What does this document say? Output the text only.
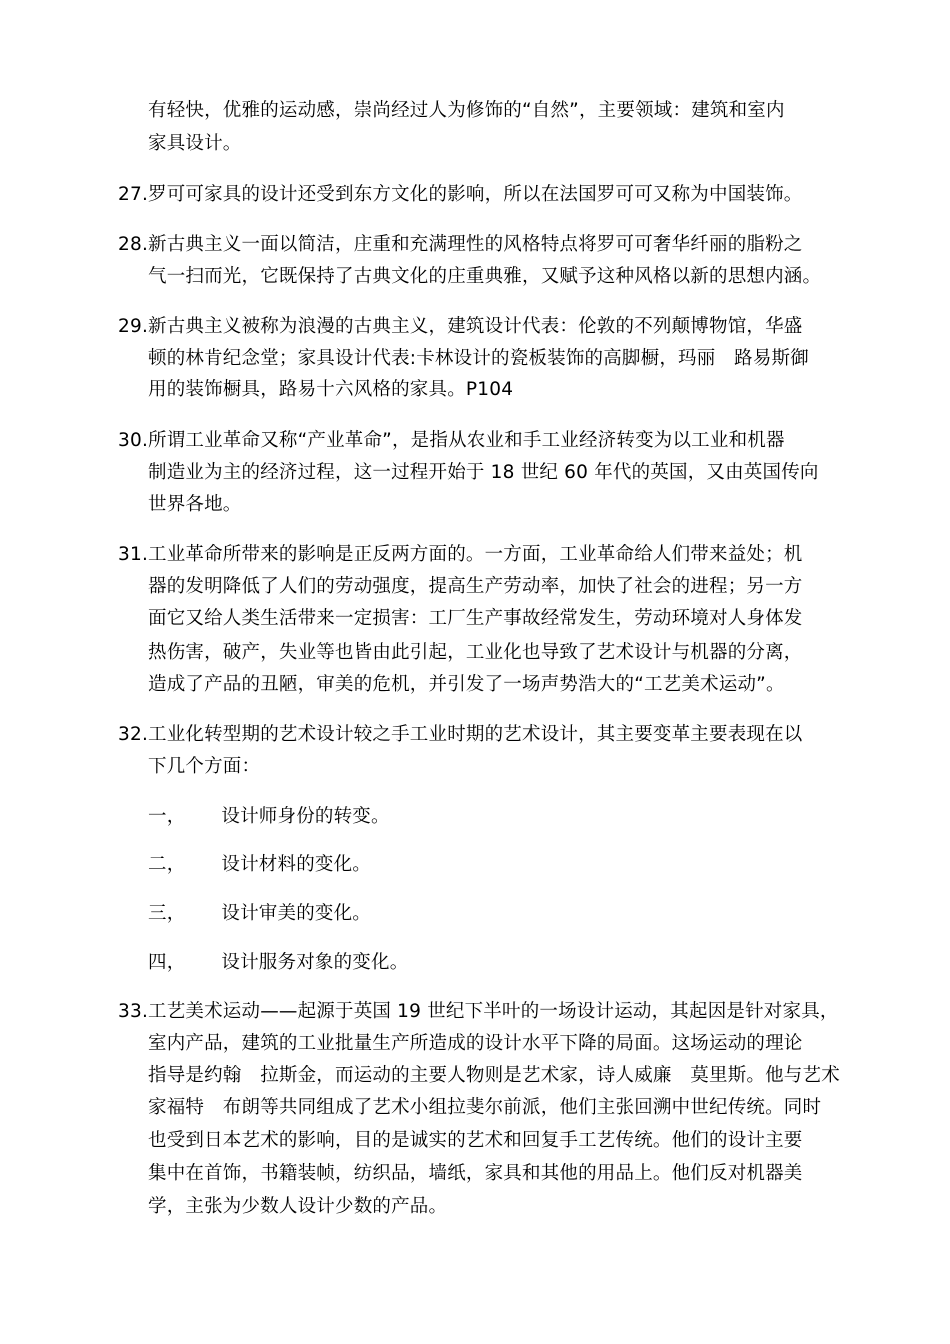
有轻快，优雅的运动感，崇尚经过人为修饰的“自然”，主要领域：建筑和室内
家具设计。
27. 罗可可家具的设计还受到东方文化的影响，所以在法国罗可可又称为中国装饰。
28. 新古典主义一面以简洁，庄重和充满理性的风格特点将罗可可奢华纤丽的脂粉之
气一扫而光，它既保持了古典文化的庄重典雅，又赋予这种风格以新的思想内涵。
29. 新古典主义被称为浪漫的古典主义，建筑设计代表：伦敦的不列颠博物馆，华盛
顿的林肯纪念堂；家具设计代表:卡林设计的瓷板装饰的高脚橱，玛丽　路易斯御
用的装饰橱具，路易十六风格的家具。P104
30. 所谓工业革命又称“产业革命”，是指从农业和手工业经济转变为以工业和机器
制造业为主的经济过程，这一过程开始于 18 世纪 60 年代的英国，又由英国传向
世界各地。
31. 工业革命所带来的影响是正反两方面的。一方面，工业革命给人们带来益处；机
器的发明降低了人们的劳动强度，提高生产劳动率，加快了社会的进程；另一方
面它又给人类生活带来一定损害：工厂生产事故经常发生，劳动环境对人身体发
热伤害，破产，失业等也皆由此引起，工业化也导致了艺术设计与机器的分离，
造成了产品的丑陋，审美的危机，并引发了一场声势浩大的“工艺美术运动”。
32. 工业化转型期的艺术设计较之手工业时期的艺术设计，其主要变革主要表现在以
下几个方面：
一， 设计师身份的转变。
二， 设计材料的变化。
三， 设计审美的变化。
四， 设计服务对象的变化。
33. 工艺美术运动——起源于英国 19 世纪下半叶的一场设计运动，其起因是针对家具，
室内产品，建筑的工业批量生产所造成的设计水平下降的局面。这场运动的理论
指导是约翰　拉斯金，而运动的主要人物则是艺术家，诗人威廉　莫里斯。他与艺术
家福特　布朗等共同组成了艺术小组拉斐尔前派，他们主张回溯中世纪传统。同时
也受到日本艺术的影响，目的是诚实的艺术和回复手工艺传统。他们的设计主要
集中在首饰，书籍装帧，纺织品，墙纸，家具和其他的用品上。他们反对机器美
学，主张为少数人设计少数的产品。
